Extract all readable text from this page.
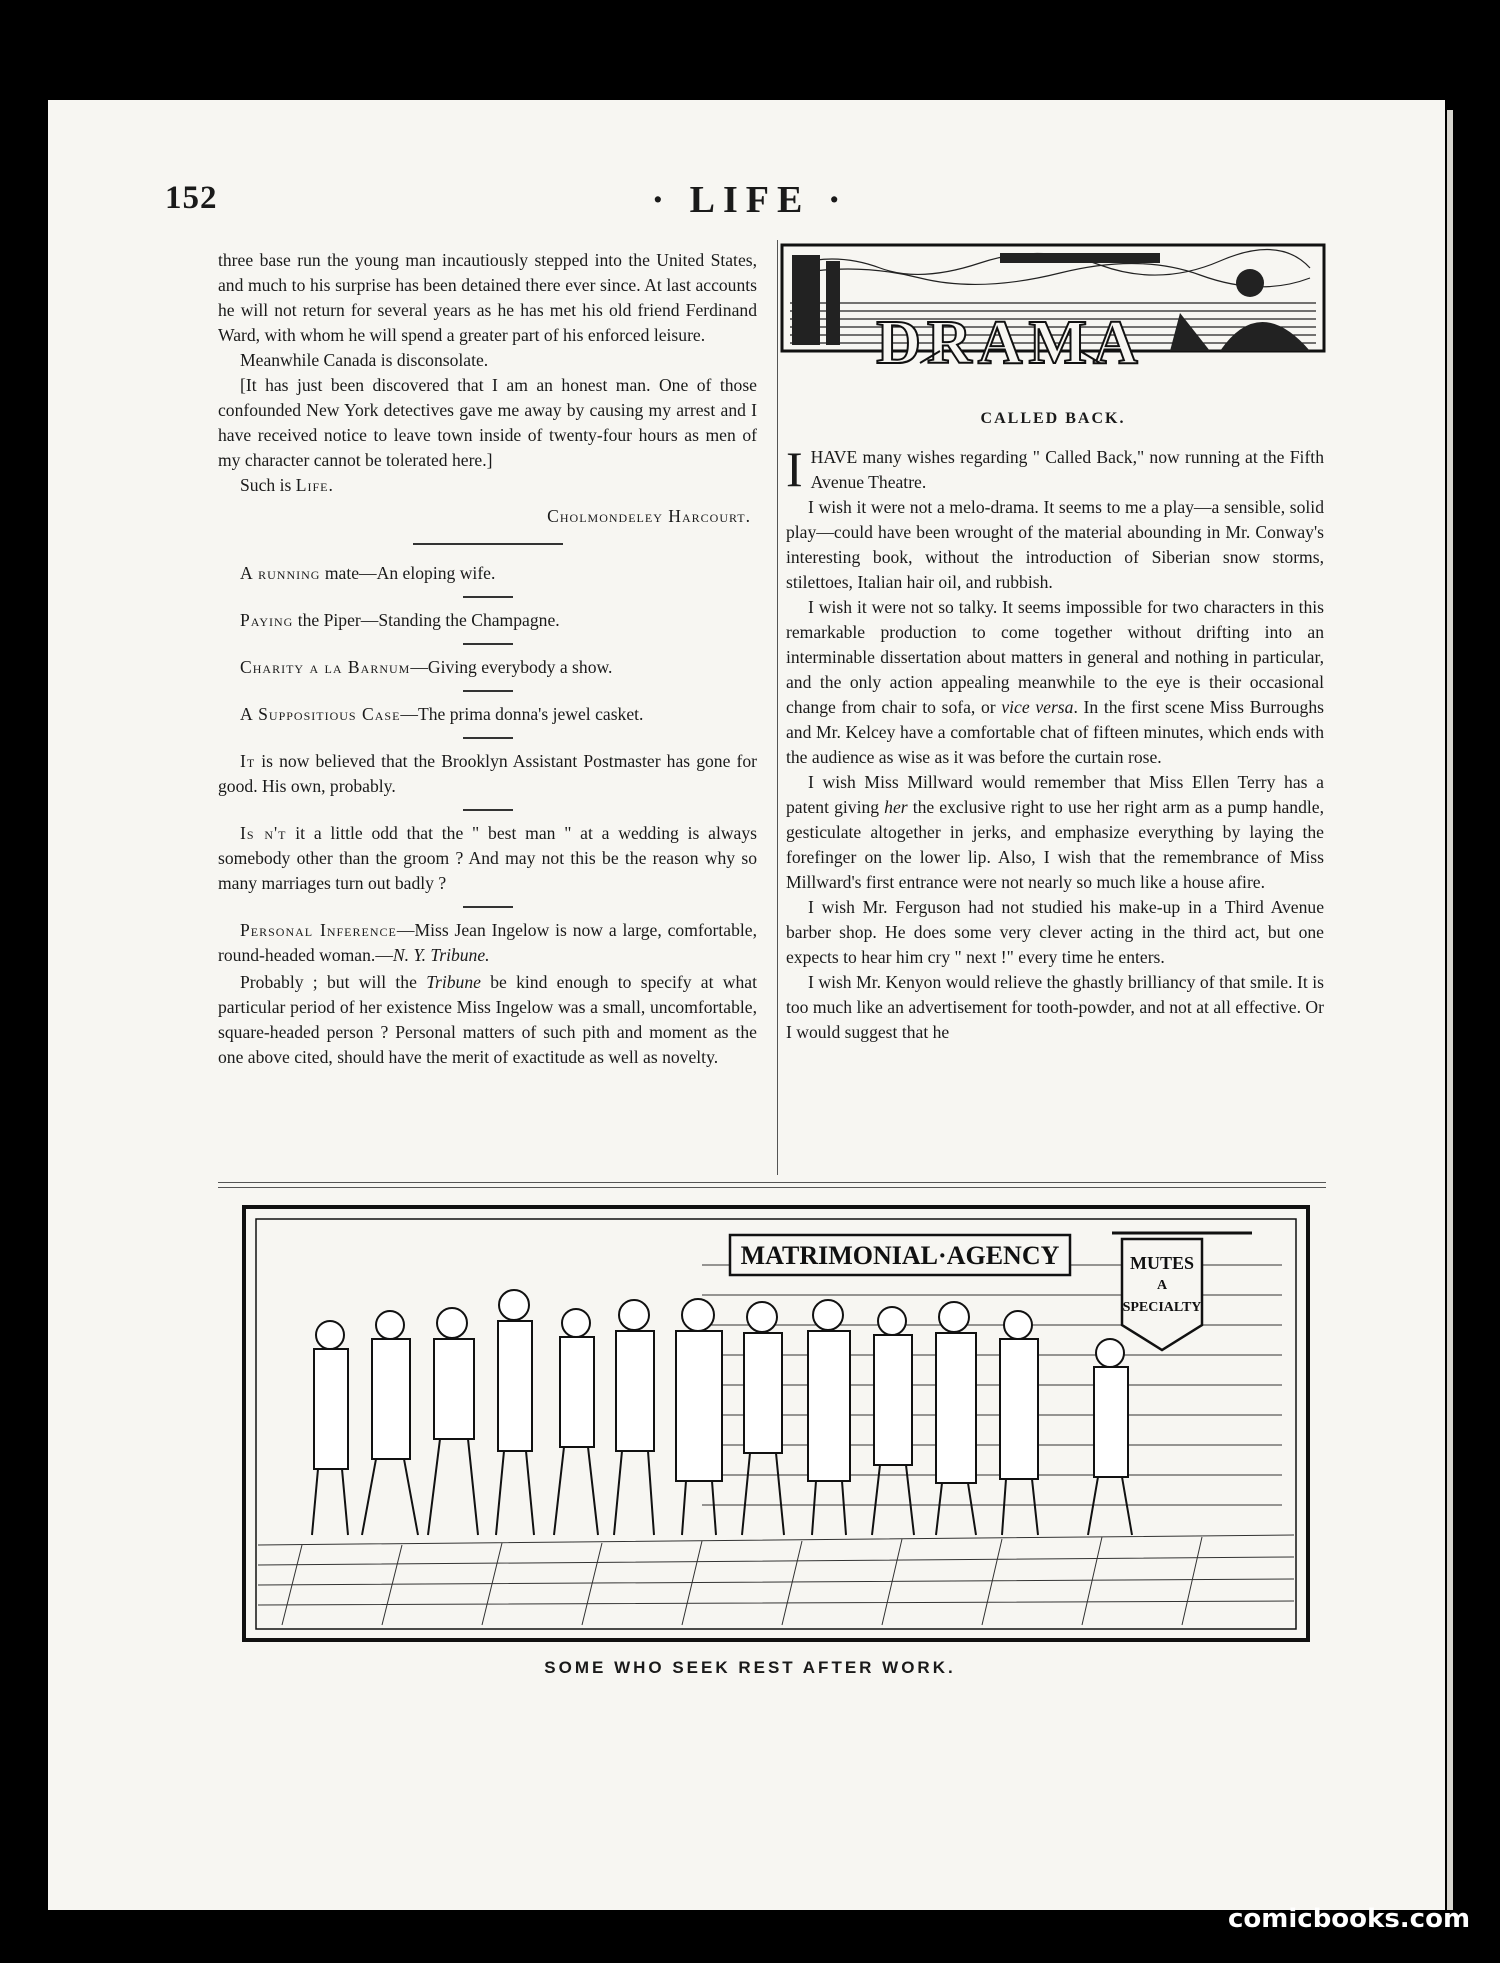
152	· LIFE ·

three base run the young man incautiously stepped into the United States, and much to his surprise has been detained there ever since. At last accounts he will not return for several years as he has met his old friend Ferdinand Ward, with whom he will spend a greater part of his enforced leisure.

Meanwhile Canada is disconsolate.

[It has just been discovered that I am an honest man. One of those confounded New York detectives gave me away by causing my arrest and I have received notice to leave town inside of twenty-four hours as men of my character cannot be tolerated here.]

Such is Life.

Cholmondeley Harcourt.

A running mate—An eloping wife.

Paying the Piper—Standing the Champagne.

Charity a la Barnum—Giving everybody a show.

A Suppositious Case—The prima donna's jewel casket.

It is now believed that the Brooklyn Assistant Postmaster has gone for good. His own, probably.

Is n't it a little odd that the " best man " at a wedding is always somebody other than the groom ? And may not this be the reason why so many marriages turn out badly ?

Personal Inference—Miss Jean Ingelow is now a large, comfortable, round-headed woman.—N. Y. Tribune.

Probably ; but will the Tribune be kind enough to specify at what particular period of her existence Miss Ingelow was a small, uncomfortable, square-headed person ? Personal matters of such pith and moment as the one above cited, should have the merit of exactitude as well as novelty.

DRAMA
CALLED BACK.

IHAVE many wishes regarding " Called Back," now running at the Fifth Avenue Theatre.

I wish it were not a melo-drama. It seems to me a play—a sensible, solid play—could have been wrought of the material abounding in Mr. Conway's interesting book, without the introduction of Siberian snow storms, stilettoes, Italian hair oil, and rubbish.

I wish it were not so talky. It seems impossible for two characters in this remarkable production to come together without drifting into an interminable dissertation about matters in general and nothing in particular, and the only action appealing meanwhile to the eye is their occasional change from chair to sofa, or vice versa. In the first scene Miss Burroughs and Mr. Kelcey have a comfortable chat of fifteen minutes, which ends with the audience as wise as it was before the curtain rose.

I wish Miss Millward would remember that Miss Ellen Terry has a patent giving her the exclusive right to use her right arm as a pump handle, gesticulate altogether in jerks, and emphasize everything by laying the forefinger on the lower lip. Also, I wish that the remembrance of Miss Millward's first entrance were not nearly so much like a house afire.

I wish Mr. Ferguson had not studied his make-up in a Third Avenue barber shop. He does some very clever acting in the third act, but one expects to hear him cry " next !" every time he enters.

I wish Mr. Kenyon would relieve the ghastly brilliancy of that smile. It is too much like an advertisement for tooth-powder, and not at all effective. Or I would suggest that he

MATRIMONIAL·AGENCY	MUTES
A
SPECIALTY
SOME WHO SEEK REST AFTER WORK.
comicbooks.com
